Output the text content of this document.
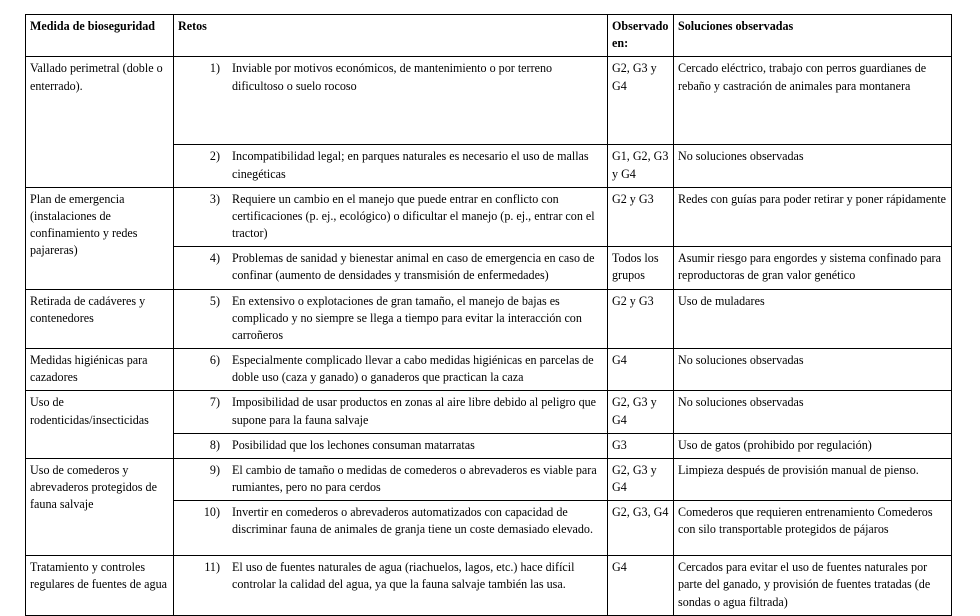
Medida de bioseguridad	Retos	Observado en:	Soluciones observadas
Vallado perimetral (doble o enterrado).	1) Inviable por motivos económicos, de mantenimiento o por terreno dificultoso o suelo rocoso	G2, G3 y G4	Cercado eléctrico, trabajo con perros guardianes de rebaño y castración de animales para montanera

	2) Incompatibilidad legal; en parques naturales es necesario el uso de mallas cinegéticas	G1, G2, G3 y G4	No soluciones observadas
Plan de emergencia (instalaciones de confinamiento y redes pajareras)	3) Requiere un cambio en el manejo que puede entrar en conflicto con certificaciones (p. ej., ecológico) o dificultar el manejo (p. ej., entrar con el tractor)	G2 y G3	Redes con guías para poder retirar y poner rápidamente

	4) Problemas de sanidad y bienestar animal en caso de emergencia en caso de confinar (aumento de densidades y transmisión de enfermedades)	Todos los grupos	Asumir riesgo para engordes y sistema confinado para reproductoras de gran valor genético
Retirada de cadáveres y contenedores	5) En extensivo o explotaciones de gran tamaño, el manejo de bajas es complicado y no siempre se llega a tiempo para evitar la interacción con carroñeros	G2 y G3	Uso de muladares
Medidas higiénicas para cazadores	6) Especialmente complicado llevar a cabo medidas higiénicas en parcelas de doble uso (caza y ganado) o ganaderos que practican la caza	G4	No soluciones observadas
Uso de rodenticidas/insecticidas	7) Imposibilidad de usar productos en zonas al aire libre debido al peligro que supone para la fauna salvaje	G2, G3 y G4	No soluciones observadas

	8) Posibilidad que los lechones consuman matarratas	G3	Uso de gatos (prohibido por regulación)
Uso de comederos y abrevaderos protegidos de fauna salvaje	9) El cambio de tamaño o medidas de comederos o abrevaderos es viable para rumiantes, pero no para cerdos	G2, G3 y G4	Limpieza después de provisión manual de pienso.

	10) Invertir en comederos o abrevaderos automatizados con capacidad de discriminar fauna de animales de granja tiene un coste demasiado elevado.	G2, G3, G4	Comederos que requieren entrenamiento Comederos con silo transportable protegidos de pájaros
Tratamiento y controles regulares de fuentes de agua	11) El uso de fuentes naturales de agua (riachuelos, lagos, etc.) hace difícil controlar la calidad del agua, ya que la fauna salvaje también las usa.	G4	Cercados para evitar el uso de fuentes naturales por parte del ganado, y provisión de fuentes tratadas (de sondas o agua filtrada)
